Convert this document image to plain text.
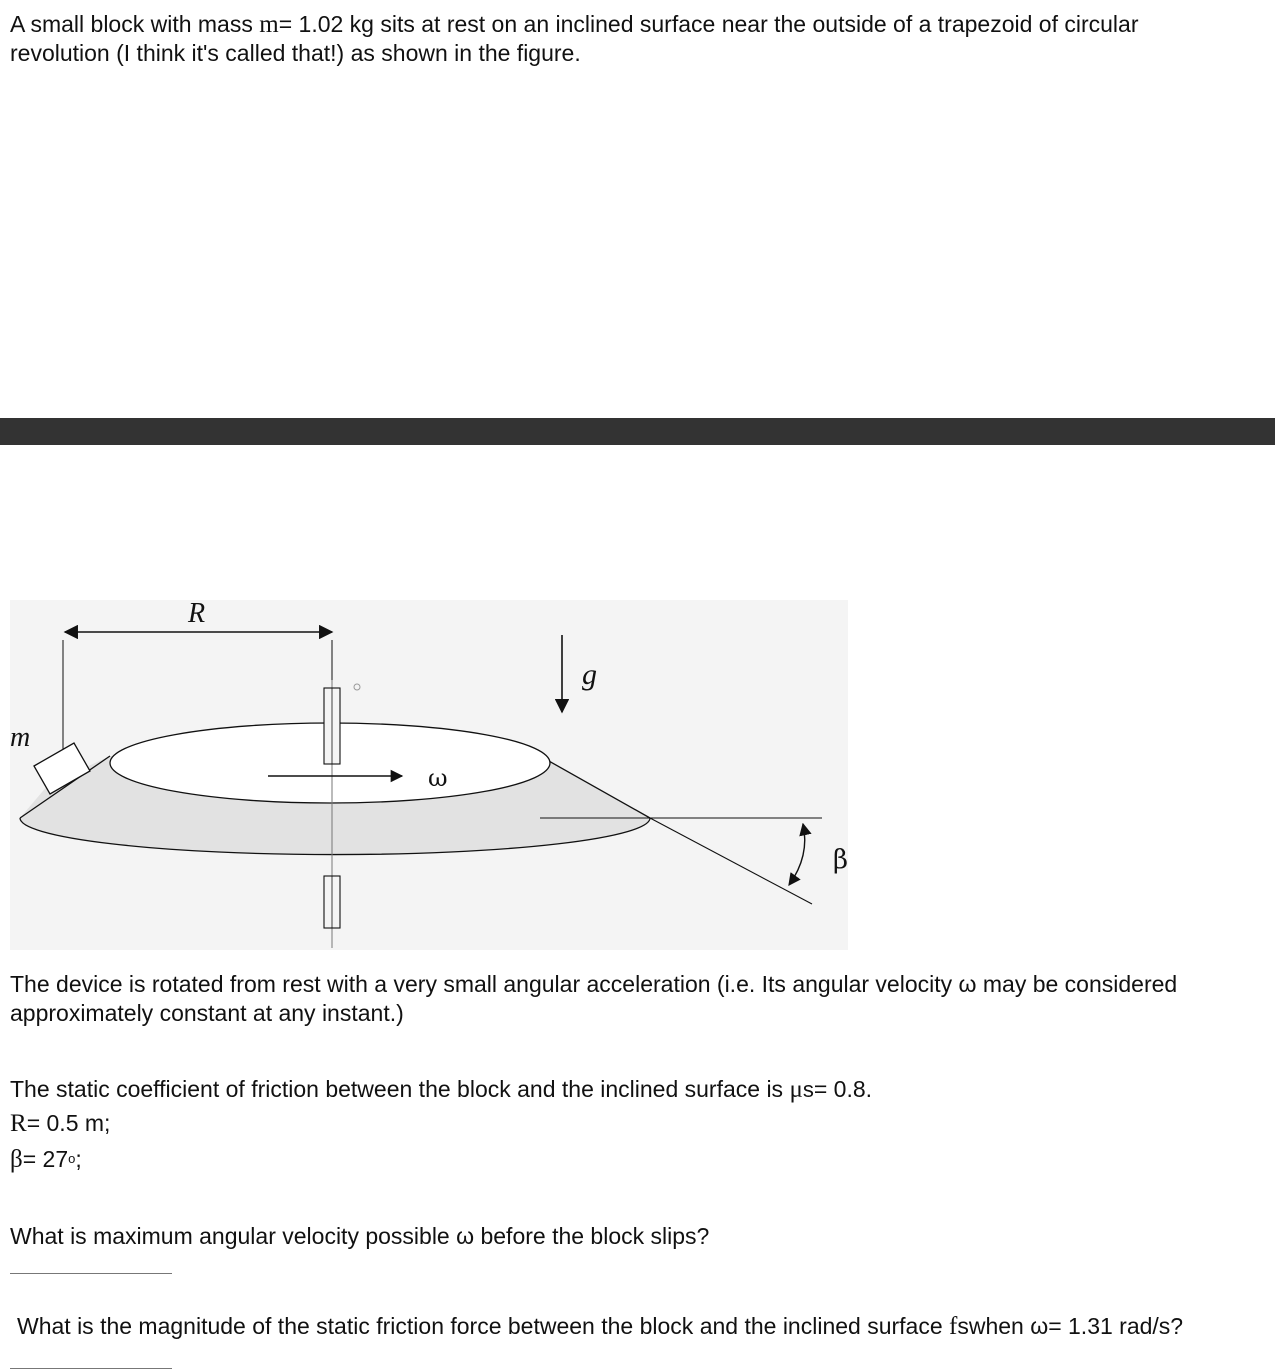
A small block with mass m= 1.02 kg sits at rest on an inclined surface near the outside of a trapezoid of circular

revolution (I think it's called that!) as shown in the figure.

R
g
ω
m
β

The device is rotated from rest with a very small angular acceleration (i.e. Its angular velocity ω may be considered

approximately constant at any instant.)

The static coefficient of friction between the block and the inclined surface is μs= 0.8.

R= 0.5 m;

$\beta= 27^o$;

What is maximum angular velocity possible ω before the block slips?

What is the magnitude of the static friction force between the block and the inclined surface fswhen ω= 1.31 rad/s?
